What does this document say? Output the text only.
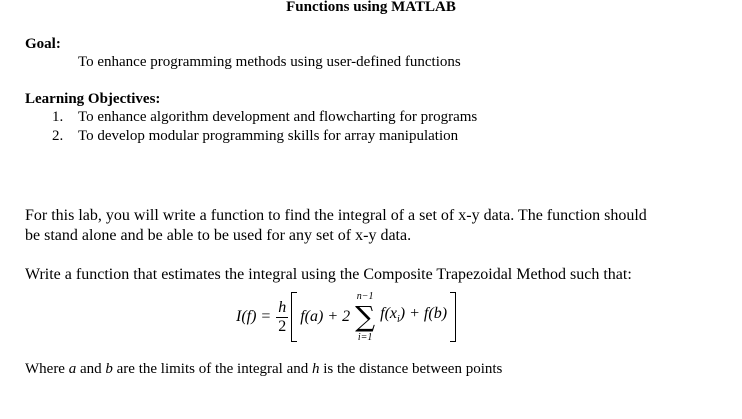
Functions using MATLAB
Goal:
To enhance programming methods using user-defined functions
Learning Objectives:
1. To enhance algorithm development and flowcharting for programs
2. To develop modular programming skills for array manipulation
For this lab, you will write a function to find the integral of a set of x-y data. The function should
be stand alone and be able to be used for any set of x-y data.
Write a function that estimates the integral using the Composite Trapezoidal Method such that:
$I(f) = \frac{h}{2} f(a) + 2$
n−1
∑
i=1
$f(x_i) + f(b)$
Where a and b are the limits of the integral and h is the distance between points
